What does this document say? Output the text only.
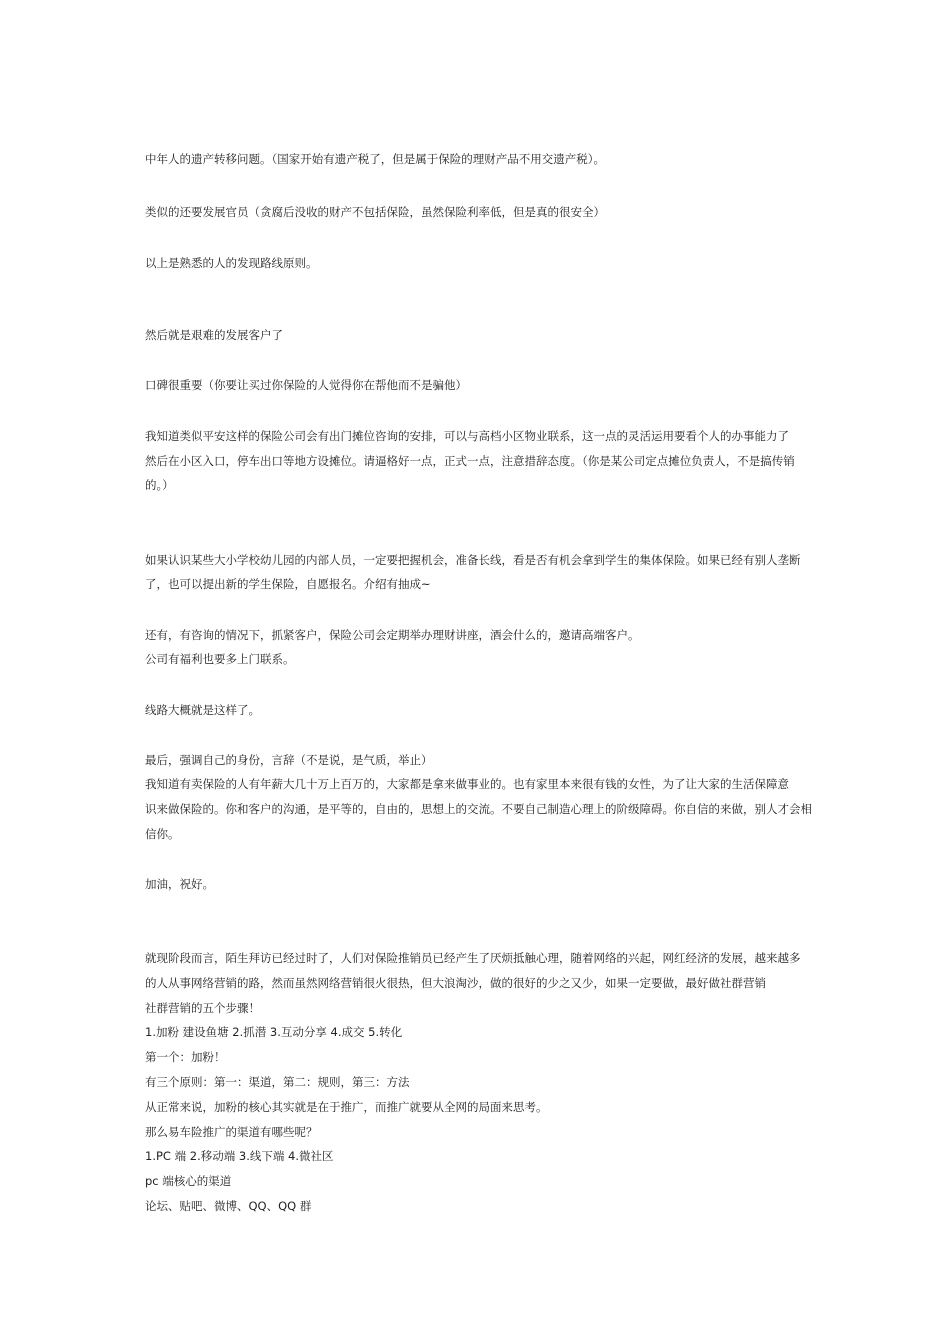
中年人的遗产转移问题。（国家开始有遗产税了，但是属于保险的理财产品不用交遗产税）。
类似的还要发展官员（贪腐后没收的财产不包括保险，虽然保险利率低，但是真的很安全）
以上是熟悉的人的发现路线原则。
然后就是艰难的发展客户了
口碑很重要（你要让买过你保险的人觉得你在帮他而不是骗他）
我知道类似平安这样的保险公司会有出门摊位咨询的安排，可以与高档小区物业联系，这一点的灵活运用要看个人的办事能力了
然后在小区入口，停车出口等地方设摊位。请逼格好一点，正式一点，注意措辞态度。（你是某公司定点摊位负责人，不是搞传销
的。）
如果认识某些大小学校幼儿园的内部人员，一定要把握机会，准备长线，看是否有机会拿到学生的集体保险。如果已经有别人垄断
了，也可以提出新的学生保险，自愿报名。介绍有抽成~
还有，有咨询的情况下，抓紧客户，保险公司会定期举办理财讲座，酒会什么的，邀请高端客户。
公司有福利也要多上门联系。
线路大概就是这样了。
最后，强调自己的身份，言辞（不是说，是气质，举止）
我知道有卖保险的人有年薪大几十万上百万的，大家都是拿来做事业的。也有家里本来很有钱的女性，为了让大家的生活保障意
识来做保险的。你和客户的沟通，是平等的，自由的，思想上的交流。不要自己制造心理上的阶级障碍。你自信的来做，别人才会相
信你。
加油，祝好。
就现阶段而言，陌生拜访已经过时了，人们对保险推销员已经产生了厌烦抵触心理，随着网络的兴起，网红经济的发展，越来越多
的人从事网络营销的路，然而虽然网络营销很火很热，但大浪淘沙，做的很好的少之又少，如果一定要做，最好做社群营销
社群营销的五个步骤！
1.加粉 建设鱼塘 2.抓潜 3.互动分享 4.成交 5.转化
第一个：加粉！
有三个原则：第一：渠道，第二：规则，第三：方法
从正常来说，加粉的核心其实就是在于推广，而推广就要从全网的局面来思考。
那么易车险推广的渠道有哪些呢？
1.PC 端 2.移动端 3.线下端 4.微社区
pc 端核心的渠道
论坛、贴吧、微博、QQ、QQ 群
